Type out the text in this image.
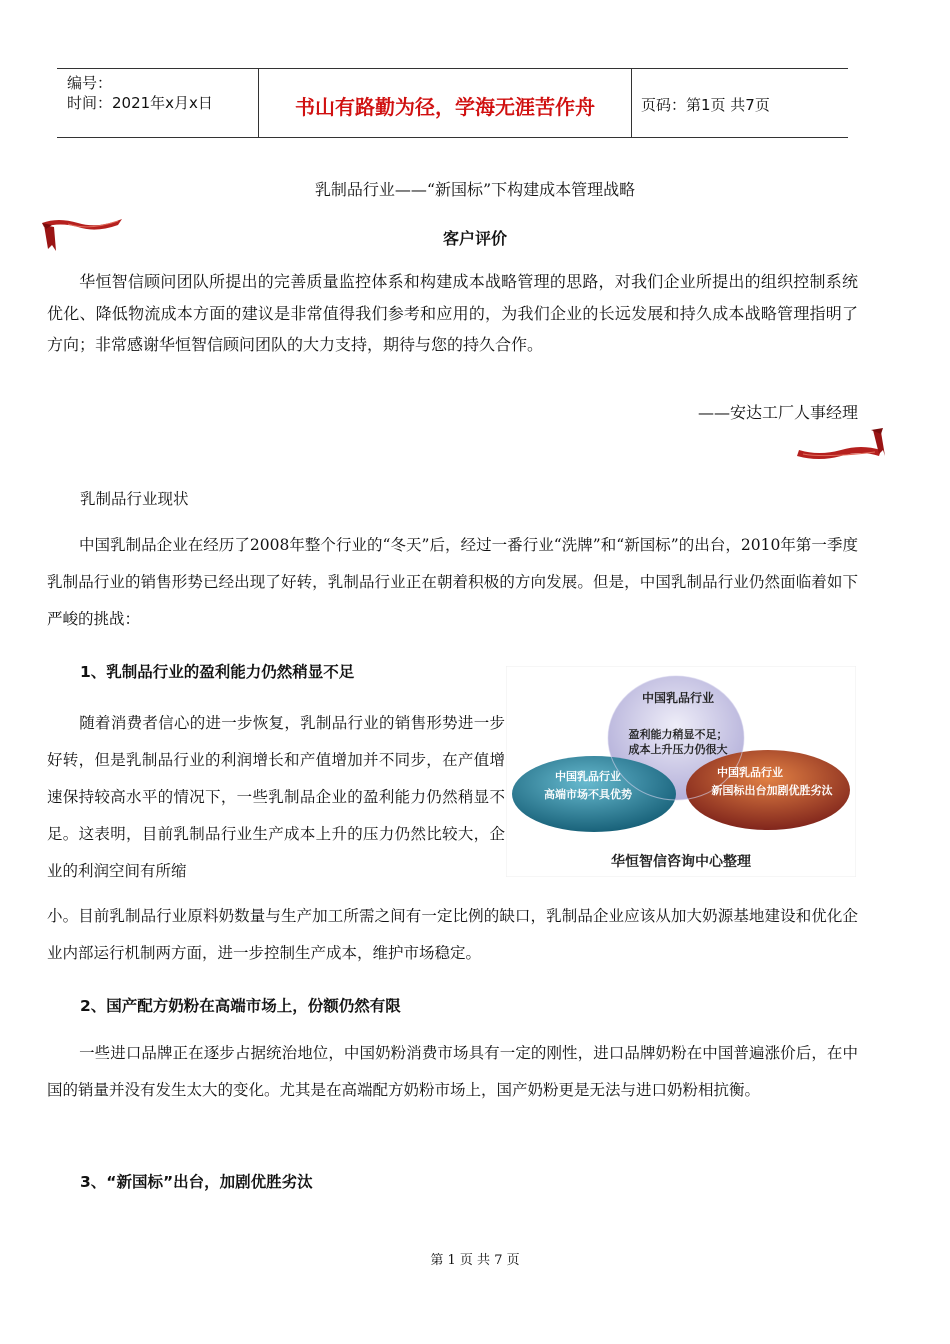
编号：
时间：2021年x月x日	书山有路勤为径，学海无涯苦作舟	页码：第1页 共7页
乳制品行业——“新国标”下构建成本管理战略
客户评价
华恒智信顾问团队所提出的完善质量监控体系和构建成本战略管理的思路，对我们企业所提出的组织控制系统优化、降低物流成本方面的建议是非常值得我们参考和应用的，为我们企业的长远发展和持久成本战略管理指明了方向；非常感谢华恒智信顾问团队的大力支持，期待与您的持久合作。
——安达工厂人事经理
乳制品行业现状
中国乳制品企业在经历了2008年整个行业的“冬天”后，经过一番行业“洗牌”和“新国标”的出台，2010年第一季度乳制品行业的销售形势已经出现了好转，乳制品行业正在朝着积极的方向发展。但是，中国乳制品行业仍然面临着如下严峻的挑战：
1、乳制品行业的盈利能力仍然稍显不足
中国乳品行业
盈利能力稍显不足；
成本上升压力仍很大
中国乳品行业
高端市场不具优势
中国乳品行业
新国标出台加剧优胜劣汰
华恒智信咨询中心整理
随着消费者信心的进一步恢复，乳制品行业的销售形势进一步好转，但是乳制品行业的利润增长和产值增加并不同步，在产值增速保持较高水平的情况下，一些乳制品企业的盈利能力仍然稍显不足。这表明，目前乳制品行业生产成本上升的压力仍然比较大，企业的利润空间有所缩
小。目前乳制品行业原料奶数量与生产加工所需之间有一定比例的缺口，乳制品企业应该从加大奶源基地建设和优化企业内部运行机制两方面，进一步控制生产成本，维护市场稳定。
2、国产配方奶粉在高端市场上，份额仍然有限
一些进口品牌正在逐步占据统治地位，中国奶粉消费市场具有一定的刚性，进口品牌奶粉在中国普遍涨价后，在中国的销量并没有发生太大的变化。尤其是在高端配方奶粉市场上，国产奶粉更是无法与进口奶粉相抗衡。
3、“新国标”出台，加剧优胜劣汰
第 1 页 共 7 页
